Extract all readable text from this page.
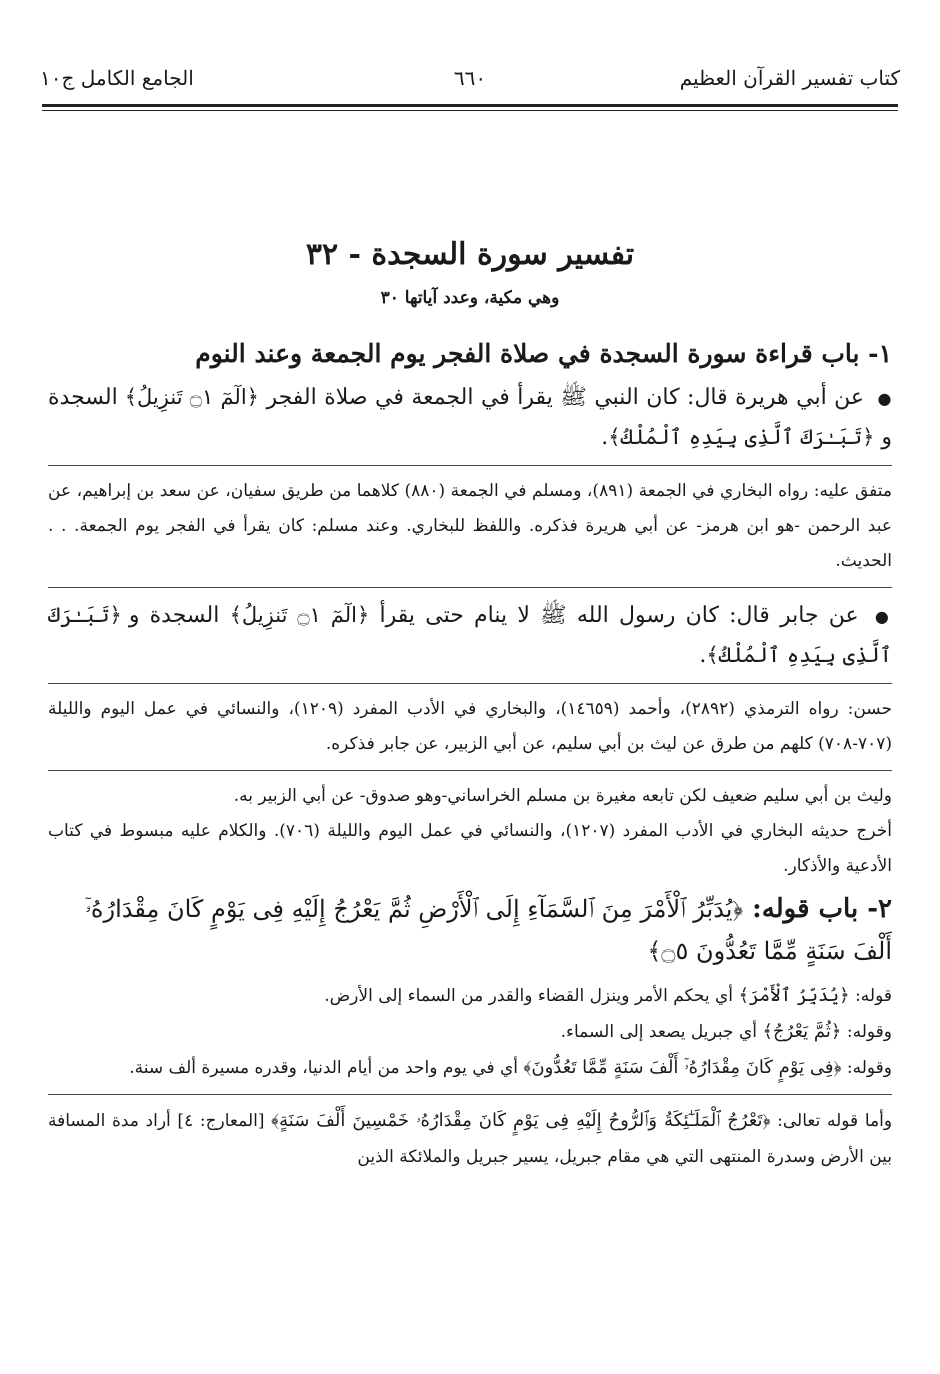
كتاب تفسير القرآن العظيم
٦٦٠
الجامع الكامل ج١٠
تفسير سورة السجدة - ٣٢
وهي مكية، وعدد آياتها ٣٠
١- باب قراءة سورة السجدة في صلاة الفجر يوم الجمعة وعند النوم

● عن أبي هريرة قال: كان النبي ﷺ يقرأ في الجمعة في صلاة الفجر ﴿الٓمٓ ۝١ تَنزِيلُ﴾ السجدة و ﴿تَبَـٰرَكَ ٱلَّذِى بِيَدِهِ ٱلْمُلْكُ﴾.

متفق عليه: رواه البخاري في الجمعة (٨٩١)، ومسلم في الجمعة (٨٨٠) كلاهما من طريق سفيان، عن سعد بن إبراهيم، عن عبد الرحمن -هو ابن هرمز- عن أبي هريرة فذكره. واللفظ للبخاري. وعند مسلم: كان يقرأ في الفجر يوم الجمعة. . . الحديث.

● عن جابر قال: كان رسول الله ﷺ لا ينام حتى يقرأ ﴿الٓمٓ ۝١ تَنزِيلُ﴾ السجدة و ﴿تَبَـٰرَكَ ٱلَّذِى بِيَدِهِ ٱلْمُلْكُ﴾.

حسن: رواه الترمذي (٢٨٩٢)، وأحمد (١٤٦٥٩)، والبخاري في الأدب المفرد (١٢٠٩)، والنسائي في عمل اليوم والليلة (٧٠٧-٧٠٨) كلهم من طرق عن ليث بن أبي سليم، عن أبي الزبير، عن جابر فذكره.

وليث بن أبي سليم ضعيف لكن تابعه مغيرة بن مسلم الخراساني-وهو صدوق- عن أبي الزبير به.

أخرج حديثه البخاري في الأدب المفرد (١٢٠٧)، والنسائي في عمل اليوم والليلة (٧٠٦). والكلام عليه مبسوط في كتاب الأدعية والأذكار.

٢- باب قوله: ﴿يُدَبِّرُ ٱلْأَمْرَ مِنَ ٱلسَّمَآءِ إِلَى ٱلْأَرْضِ ثُمَّ يَعْرُجُ إِلَيْهِ فِى يَوْمٍ كَانَ مِقْدَارُهُۥٓ أَلْفَ سَنَةٍ مِّمَّا تَعُدُّونَ ۝٥﴾

قوله: ﴿يُدَبِّرُ ٱلْأَمْرَ﴾ أي يحكم الأمر وينزل القضاء والقدر من السماء إلى الأرض.

وقوله: ﴿ثُمَّ يَعْرُجُ﴾ أي جبريل يصعد إلى السماء.

وقوله: ﴿فِى يَوْمٍ كَانَ مِقْدَارُهُۥٓ أَلْفَ سَنَةٍ مِّمَّا تَعُدُّونَ﴾ أي في يوم واحد من أيام الدنيا، وقدره مسيرة ألف سنة.

وأما قوله تعالى: ﴿تَعْرُجُ ٱلْمَلَـٰٓئِكَةُ وَٱلرُّوحُ إِلَيْهِ فِى يَوْمٍ كَانَ مِقْدَارُهُۥ خَمْسِينَ أَلْفَ سَنَةٍ﴾ [المعارج: ٤] أراد مدة المسافة بين الأرض وسدرة المنتهى التي هي مقام جبريل، يسير جبريل والملائكة الذين
